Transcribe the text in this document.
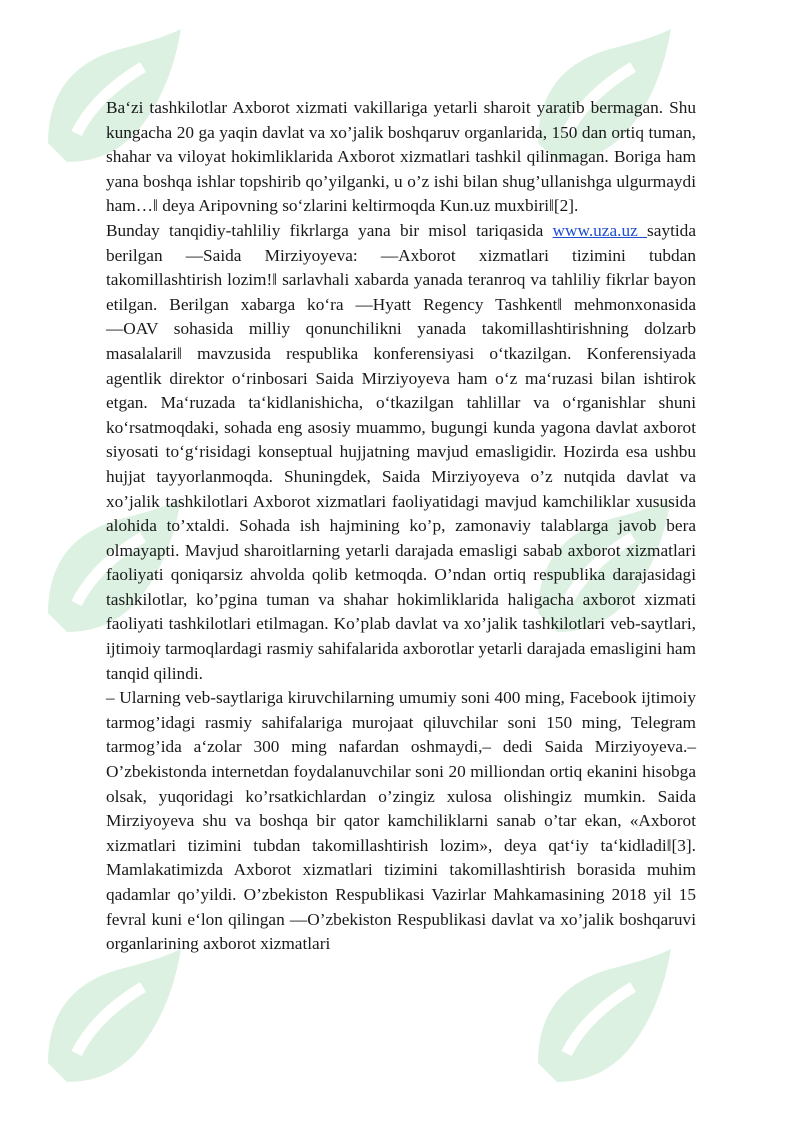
Ba‘zi tashkilotlar Axborot xizmati vakillariga yetarli sharoit yaratib bermagan. Shu kungacha 20 ga yaqin davlat va xo’jalik boshqaruv organlarida, 150 dan ortiq tuman, shahar va viloyat hokimliklarida Axborot xizmatlari tashkil qilinmagan. Boriga ham yana boshqa ishlar topshirib qo’yilganki, u o’z ishi bilan shug’ullanishga ulgurmaydi ham…‖ deya Aripovning so‘zlarini keltirmoqda Kun.uz muxbiri‖[2].

Bunday tanqidiy-tahliliy fikrlarga yana bir misol tariqasida www.uza.uz saytida berilgan ―Saida Mirziyoyeva: ―Axborot xizmatlari tizimini tubdan takomillashtirish lozim!‖ sarlavhali xabarda yanada teranroq va tahliliy fikrlar bayon etilgan. Berilgan xabarga ko‘ra ―Hyatt Regency Tashkent‖ mehmonxonasida ―OAV sohasida milliy qonunchilikni yanada takomillashtirishning dolzarb masalalari‖ mavzusida respublika konferensiyasi o‘tkazilgan. Konferensiyada agentlik direktor o‘rinbosari Saida Mirziyoyeva ham o‘z ma‘ruzasi bilan ishtirok etgan. Ma‘ruzada ta‘kidlanishicha, o‘tkazilgan tahlillar va o‘rganishlar shuni ko‘rsatmoqdaki, sohada eng asosiy muammo, bugungi kunda yagona davlat axborot siyosati to‘g‘risidagi konseptual hujjatning mavjud emasligidir. Hozirda esa ushbu hujjat tayyorlanmoqda. Shuningdek, Saida Mirziyoyeva o’z nutqida davlat va xo’jalik tashkilotlari Axborot xizmatlari faoliyatidagi mavjud kamchiliklar xususida alohida to’xtaldi. Sohada ish hajmining ko’p, zamonaviy talablarga javob bera olmayapti. Mavjud sharoitlarning yetarli darajada emasligi sabab axborot xizmatlari faoliyati qoniqarsiz ahvolda qolib ketmoqda. O’ndan ortiq respublika darajasidagi tashkilotlar, ko’pgina tuman va shahar hokimliklarida haligacha axborot xizmati faoliyati tashkilotlari etilmagan. Ko’plab davlat va xo’jalik tashkilotlari veb-saytlari, ijtimoiy tarmoqlardagi rasmiy sahifalarida axborotlar yetarli darajada emasligini ham tanqid qilindi.

– Ularning veb-saytlariga kiruvchilarning umumiy soni 400 ming, Facebook ijtimoiy tarmog’idagi rasmiy sahifalariga murojaat qiluvchilar soni 150 ming, Telegram tarmog’ida a‘zolar 300 ming nafardan oshmaydi,– dedi Saida Mirziyoyeva.– O’zbekistonda internetdan foydalanuvchilar soni 20 milliondan ortiq ekanini hisobga olsak, yuqoridagi ko’rsatkichlardan o’zingiz xulosa olishingiz mumkin. Saida Mirziyoyeva shu va boshqa bir qator kamchiliklarni sanab o’tar ekan, «Axborot xizmatlari tizimini tubdan takomillashtirish lozim», deya qat‘iy ta‘kidladi‖[3]. Mamlakatimizda Axborot xizmatlari tizimini takomillashtirish borasida muhim qadamlar qo’yildi. O’zbekiston Respublikasi Vazirlar Mahkamasining 2018 yil 15 fevral kuni e‘lon qilingan ―O’zbekiston Respublikasi davlat va xo’jalik boshqaruvi organlarining axborot xizmatlari
